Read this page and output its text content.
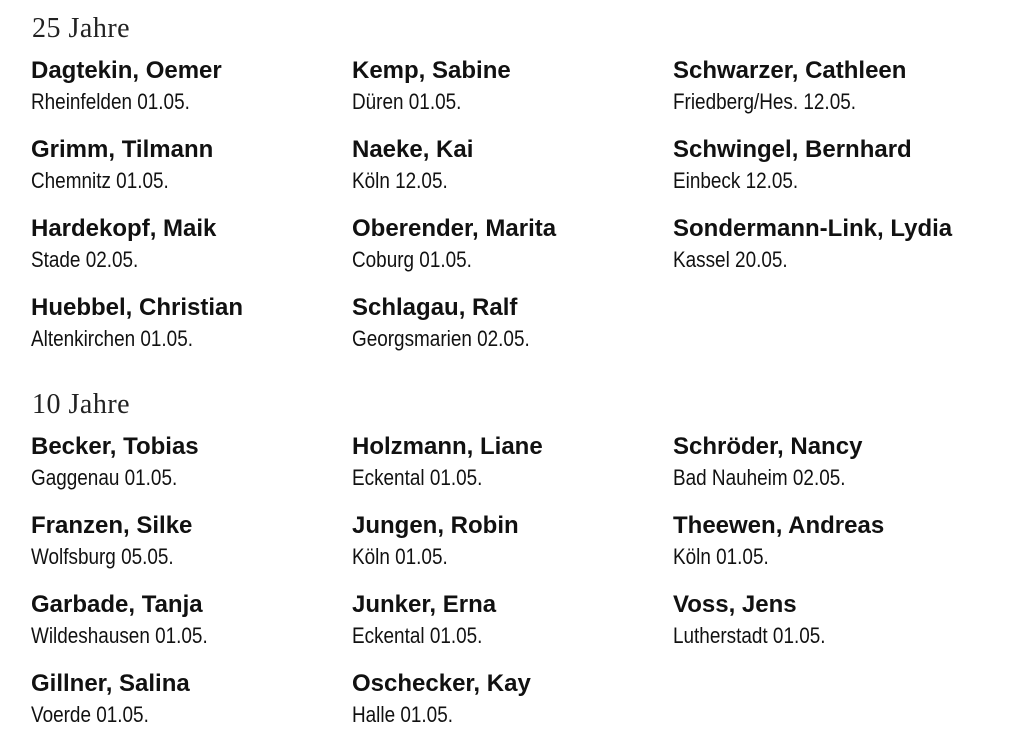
25 Jahre
Dagtekin, Oemer
Rheinfelden 01.05.
Kemp, Sabine
Düren 01.05.
Schwarzer, Cathleen
Friedberg/Hes. 12.05.
Grimm, Tilmann
Chemnitz 01.05.
Naeke, Kai
Köln 12.05.
Schwingel, Bernhard
Einbeck 12.05.
Hardekopf, Maik
Stade 02.05.
Oberender, Marita
Coburg 01.05.
Sondermann-Link, Lydia
Kassel 20.05.
Huebbel, Christian
Altenkirchen 01.05.
Schlagau, Ralf
Georgsmarien 02.05.
10 Jahre
Becker, Tobias
Gaggenau 01.05.
Holzmann, Liane
Eckental 01.05.
Schröder, Nancy
Bad Nauheim 02.05.
Franzen, Silke
Wolfsburg 05.05.
Jungen, Robin
Köln 01.05.
Theewen, Andreas
Köln 01.05.
Garbade, Tanja
Wildeshausen 01.05.
Junker, Erna
Eckental 01.05.
Voss, Jens
Lutherstadt 01.05.
Gillner, Salina
Voerde 01.05.
Oschecker, Kay
Halle 01.05.
